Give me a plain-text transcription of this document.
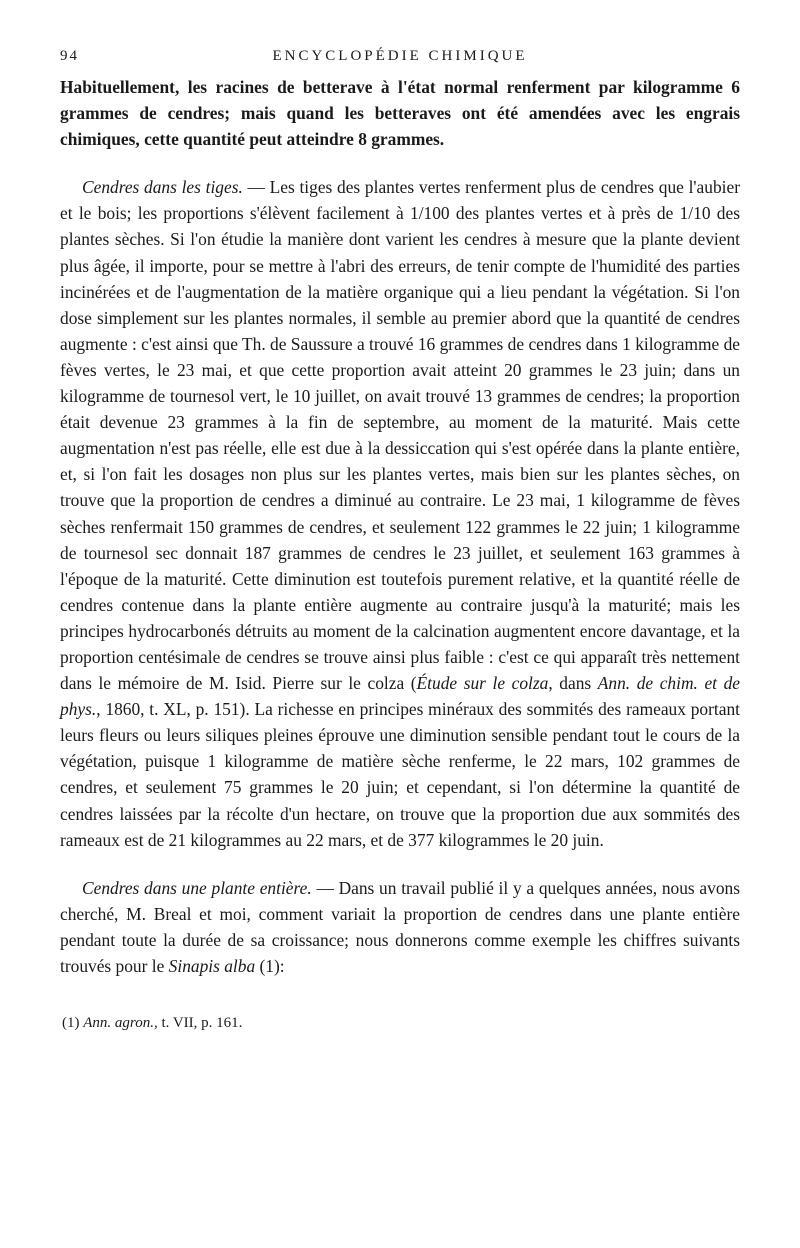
94	ENCYCLOPÉDIE CHIMIQUE

Habituellement, les racines de betterave à l'état normal renferment par kilogramme 6 grammes de cendres; mais quand les betteraves ont été amendées avec les engrais chimiques, cette quantité peut atteindre 8 grammes.

Cendres dans les tiges. — Les tiges des plantes vertes renferment plus de cendres que l'aubier et le bois; les proportions s'élèvent facilement à 1/100 des plantes vertes et à près de 1/10 des plantes sèches. Si l'on étudie la manière dont varient les cendres à mesure que la plante devient plus âgée, il importe, pour se mettre à l'abri des erreurs, de tenir compte de l'humidité des parties incinérées et de l'augmentation de la matière organique qui a lieu pendant la végétation. Si l'on dose simplement sur les plantes normales, il semble au premier abord que la quantité de cendres augmente : c'est ainsi que Th. de Saussure a trouvé 16 grammes de cendres dans 1 kilogramme de fèves vertes, le 23 mai, et que cette proportion avait atteint 20 grammes le 23 juin; dans un kilogramme de tournesol vert, le 10 juillet, on avait trouvé 13 grammes de cendres; la proportion était devenue 23 grammes à la fin de septembre, au moment de la maturité. Mais cette augmentation n'est pas réelle, elle est due à la dessiccation qui s'est opérée dans la plante entière, et, si l'on fait les dosages non plus sur les plantes vertes, mais bien sur les plantes sèches, on trouve que la proportion de cendres a diminué au contraire. Le 23 mai, 1 kilogramme de fèves sèches renfermait 150 grammes de cendres, et seulement 122 grammes le 22 juin; 1 kilogramme de tournesol sec donnait 187 grammes de cendres le 23 juillet, et seulement 163 grammes à l'époque de la maturité. Cette diminution est toutefois purement relative, et la quantité réelle de cendres contenue dans la plante entière augmente au contraire jusqu'à la maturité; mais les principes hydrocarbonés détruits au moment de la calcination augmentent encore davantage, et la proportion centésimale de cendres se trouve ainsi plus faible : c'est ce qui apparaît très nettement dans le mémoire de M. Isid. Pierre sur le colza (Étude sur le colza, dans Ann. de chim. et de phys., 1860, t. XL, p. 151). La richesse en principes minéraux des sommités des rameaux portant leurs fleurs ou leurs siliques pleines éprouve une diminution sensible pendant tout le cours de la végétation, puisque 1 kilogramme de matière sèche renferme, le 22 mars, 102 grammes de cendres, et seulement 75 grammes le 20 juin; et cependant, si l'on détermine la quantité de cendres laissées par la récolte d'un hectare, on trouve que la proportion due aux sommités des rameaux est de 21 kilogrammes au 22 mars, et de 377 kilogrammes le 20 juin.

Cendres dans une plante entière. — Dans un travail publié il y a quelques années, nous avons cherché, M. Breal et moi, comment variait la proportion de cendres dans une plante entière pendant toute la durée de sa croissance; nous donnerons comme exemple les chiffres suivants trouvés pour le Sinapis alba (1):

(1) Ann. agron., t. VII, p. 161.
